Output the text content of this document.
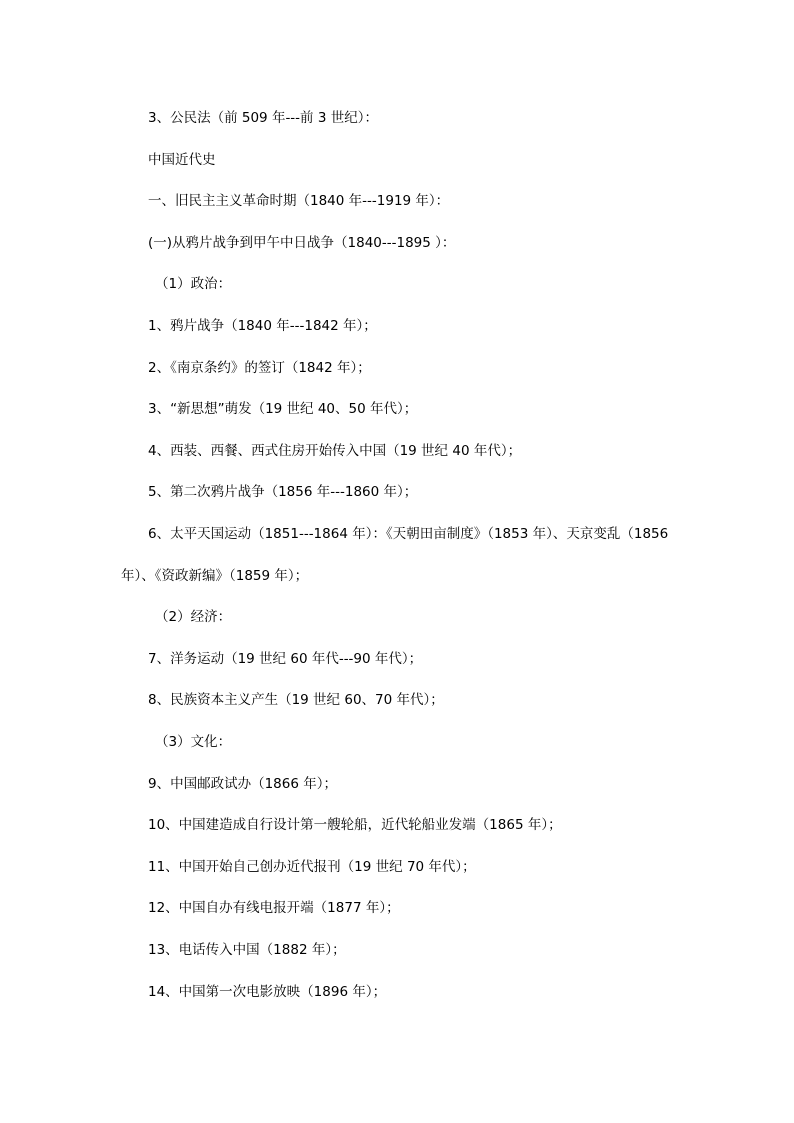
3、公民法（前 509 年---前 3 世纪）：
中国近代史
一、旧民主主义革命时期（1840 年---1919 年）：
(一)从鸦片战争到甲午中日战争（1840---1895 ）：
（1）政治：
1、鸦片战争（1840 年---1842 年）；
2、《南京条约》的签订（1842 年）；
3、“新思想”萌发（19 世纪 40、50 年代）；
4、西装、西餐、西式住房开始传入中国（19 世纪 40 年代）；
5、第二次鸦片战争（1856 年---1860 年）；
6、太平天国运动（1851---1864 年）：《天朝田亩制度》（1853 年）、天京变乱（1856
年）、《资政新编》（1859 年）；
（2）经济：
7、洋务运动（19 世纪 60 年代---90 年代）；
8、民族资本主义产生（19 世纪 60、70 年代）；
（3）文化：
9、中国邮政试办（1866 年）；
10、中国建造成自行设计第一艘轮船，近代轮船业发端（1865 年）；
11、中国开始自己创办近代报刊（19 世纪 70 年代）；
12、中国自办有线电报开端（1877 年）；
13、电话传入中国（1882 年）；
14、中国第一次电影放映（1896 年）；
